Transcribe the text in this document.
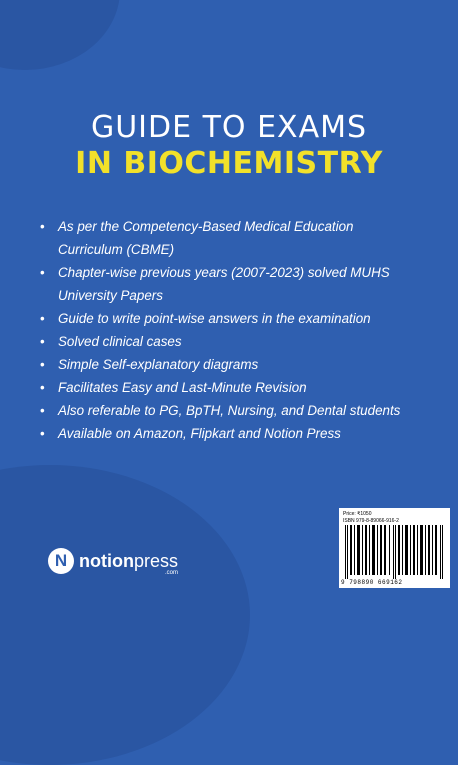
GUIDE TO EXAMS
IN BIOCHEMISTRY
• As per the Competency-Based Medical Education
Curriculum (CBME)
• Chapter-wise previous years (2007-2023) solved MUHS
University Papers
• Guide to write point-wise answers in the examination
• Solved clinical cases
• Simple Self-explanatory diagrams
• Facilitates Easy and Last-Minute Revision
• Also referable to PG, BpTH, Nursing, and Dental students
• Available on Amazon, Flipkart and Notion Press
Price: ₹1050
ISBN 979-8-89066-916-2
9 798890 669162
N notionpress
.com
